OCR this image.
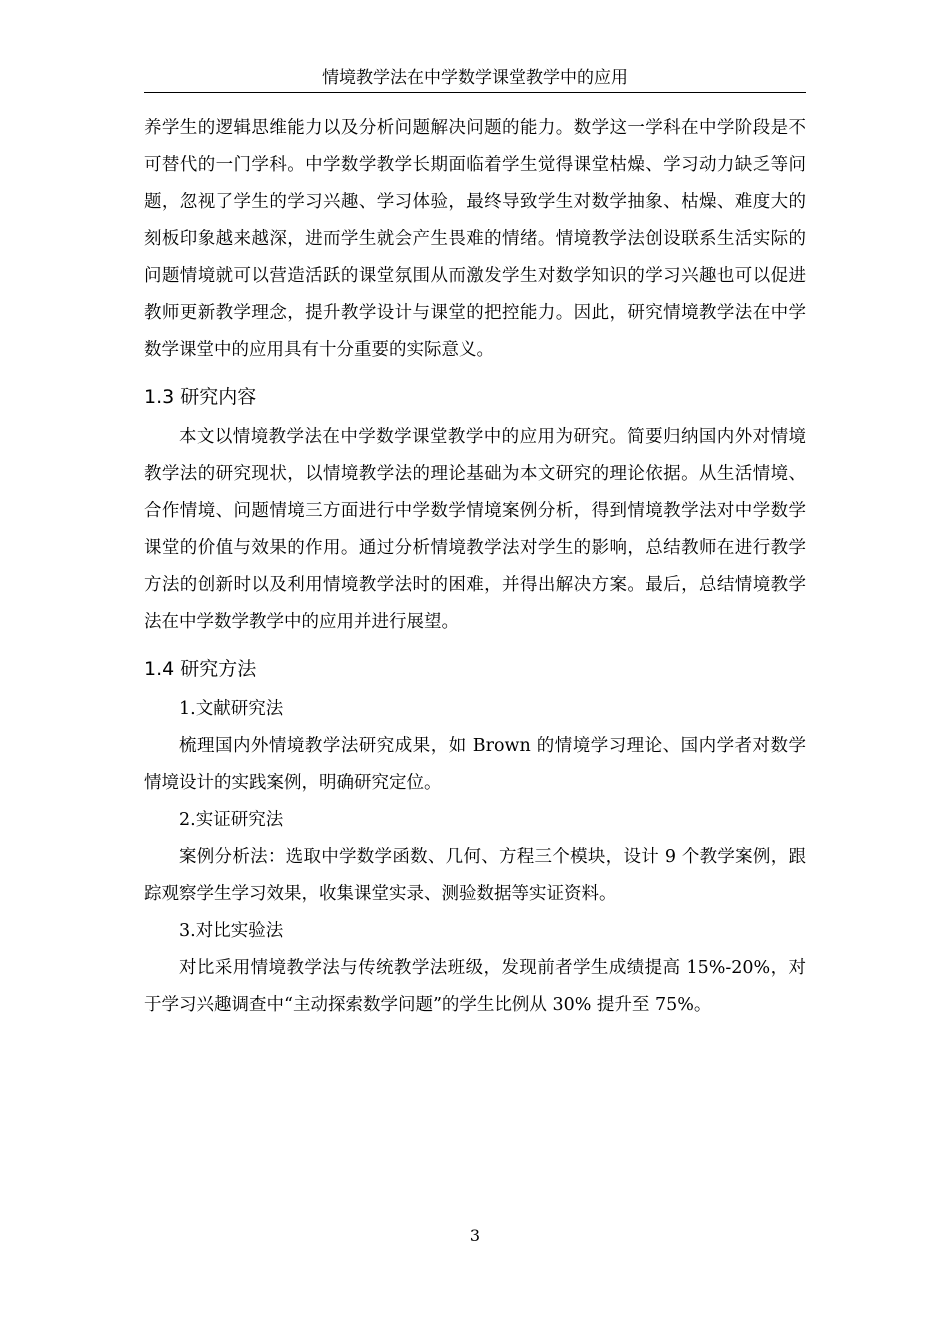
情境教学法在中学数学课堂教学中的应用

养学生的逻辑思维能力以及分析问题解决问题的能力。数学这一学科在中学阶段是不可替代的一门学科。中学数学教学长期面临着学生觉得课堂枯燥、学习动力缺乏等问题，忽视了学生的学习兴趣、学习体验，最终导致学生对数学抽象、枯燥、难度大的刻板印象越来越深，进而学生就会产生畏难的情绪。情境教学法创设联系生活实际的问题情境就可以营造活跃的课堂氛围从而激发学生对数学知识的学习兴趣也可以促进教师更新教学理念，提升教学设计与课堂的把控能力。因此，研究情境教学法在中学数学课堂中的应用具有十分重要的实际意义。

1.3 研究内容

本文以情境教学法在中学数学课堂教学中的应用为研究。简要归纳国内外对情境教学法的研究现状，以情境教学法的理论基础为本文研究的理论依据。从生活情境、合作情境、问题情境三方面进行中学数学情境案例分析，得到情境教学法对中学数学课堂的价值与效果的作用。通过分析情境教学法对学生的影响，总结教师在进行教学方法的创新时以及利用情境教学法时的困难，并得出解决方案。最后，总结情境教学法在中学数学教学中的应用并进行展望。

1.4 研究方法

1.文献研究法

梳理国内外情境教学法研究成果，如 Brown 的情境学习理论、国内学者对数学情境设计的实践案例，明确研究定位。

2.实证研究法

案例分析法：选取中学数学函数、几何、方程三个模块，设计 9 个教学案例，跟踪观察学生学习效果，收集课堂实录、测验数据等实证资料。

3.对比实验法

对比采用情境教学法与传统教学法班级，发现前者学生成绩提高 15%-20%，对于学习兴趣调查中“主动探索数学问题”的学生比例从 30% 提升至 75%。

3
